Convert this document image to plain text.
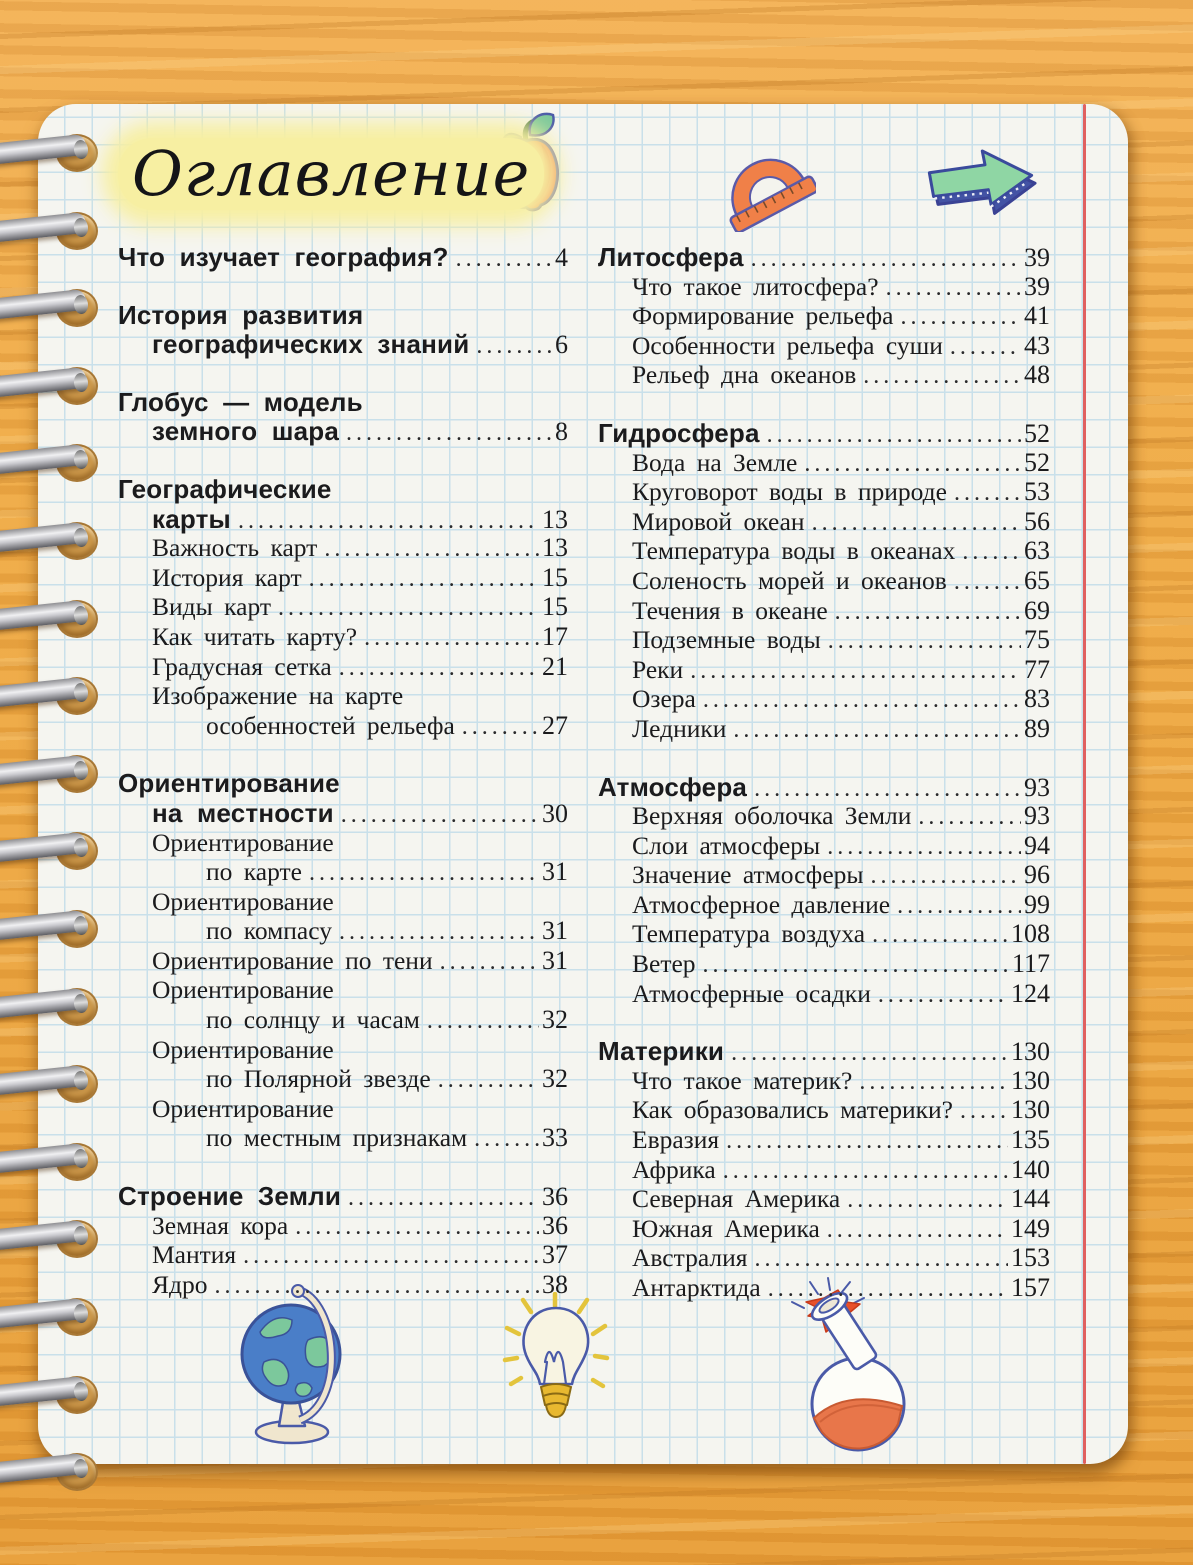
Оглавление
Что изучает география? .....	4
История развития
географических знаний .....	6
Глобус — модель
земного шара .....	8
Географические
карты .....	13
Важность карт .....	13
История карт .....	15
Виды карт .....	15
Как читать карту? .....	17
Градусная сетка .....	21
Изображение на карте
особенностей рельефа .....	27
Ориентирование
на местности .....	30
Ориентирование
по карте .....	31
Ориентирование
по компасу .....	31
Ориентирование по тени .....	31
Ориентирование
по солнцу и часам .....	32
Ориентирование
по Полярной звезде .....	32
Ориентирование
по местным признакам .....	33
Строение Земли .....	36
Земная кора .....	36
Мантия .....	37
Ядро .....	38
Литосфера .....	39
Что такое литосфера? .....	39
Формирование рельефа .....	41
Особенности рельефа суши .....	43
Рельеф дна океанов .....	48
Гидросфера .....	52
Вода на Земле .....	52
Круговорот воды в природе .....	53
Мировой океан .....	56
Температура воды в океанах .....	63
Соленость морей и океанов .....	65
Течения в океане .....	69
Подземные воды .....	75
Реки .....	77
Озера .....	83
Ледники .....	89
Атмосфера .....	93
Верхняя оболочка Земли .....	93
Слои атмосферы .....	94
Значение атмосферы .....	96
Атмосферное давление .....	99
Температура воздуха .....	108
Ветер .....	117
Атмосферные осадки .....	124
Материки .....	130
Что такое материк? .....	130
Как образовались материки? ..... 130
Евразия .....	135
Африка .....	140
Северная Америка .....	144
Южная Америка .....	149
Австралия .....	153
Антарктида .....	157
